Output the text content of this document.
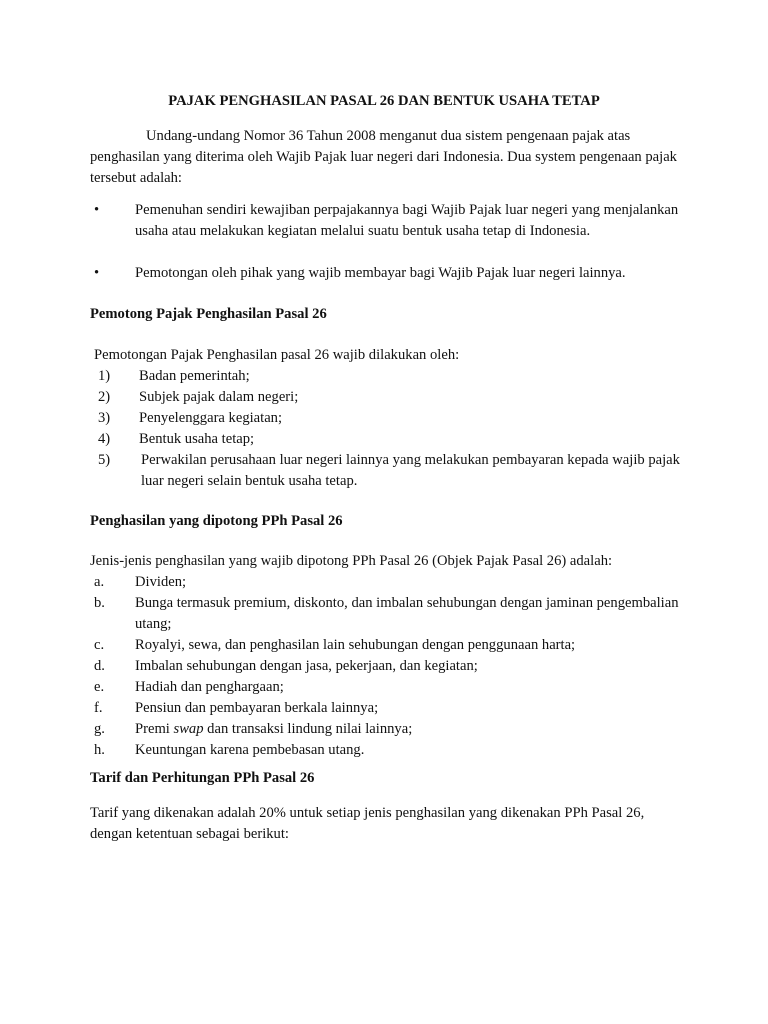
PAJAK PENGHASILAN PASAL 26 DAN BENTUK USAHA TETAP

Undang-undang Nomor 36 Tahun 2008 menganut dua sistem pengenaan pajak atas penghasilan yang diterima oleh Wajib Pajak luar negeri dari Indonesia. Dua system pengenaan pajak tersebut adalah:

• Pemenuhan sendiri kewajiban perpajakannya bagi Wajib Pajak luar negeri yang menjalankan usaha atau melakukan kegiatan melalui suatu bentuk usaha tetap di Indonesia.

• Pemotongan oleh pihak yang wajib membayar bagi Wajib Pajak luar negeri lainnya.

Pemotong Pajak Penghasilan Pasal 26

Pemotongan Pajak Penghasilan pasal 26 wajib dilakukan oleh:

1) Badan pemerintah;

2) Subjek pajak dalam negeri;

3) Penyelenggara kegiatan;

4) Bentuk usaha tetap;

5) Perwakilan perusahaan luar negeri lainnya yang melakukan pembayaran kepada wajib pajak luar negeri selain bentuk usaha tetap.

Penghasilan yang dipotong PPh Pasal 26

Jenis-jenis penghasilan yang wajib dipotong PPh Pasal 26 (Objek Pajak Pasal 26) adalah:

a. Dividen;

b. Bunga termasuk premium, diskonto, dan imbalan sehubungan dengan jaminan pengembalian utang;

c. Royalyi, sewa, dan penghasilan lain sehubungan dengan penggunaan harta;

d. Imbalan sehubungan dengan jasa, pekerjaan, dan kegiatan;

e. Hadiah dan penghargaan;

f. Pensiun dan pembayaran berkala lainnya;

g. Premi swap dan transaksi lindung nilai lainnya;

h. Keuntungan karena pembebasan utang.

Tarif dan Perhitungan PPh Pasal 26

Tarif yang dikenakan adalah 20% untuk setiap jenis penghasilan yang dikenakan PPh Pasal 26, dengan ketentuan sebagai berikut:
